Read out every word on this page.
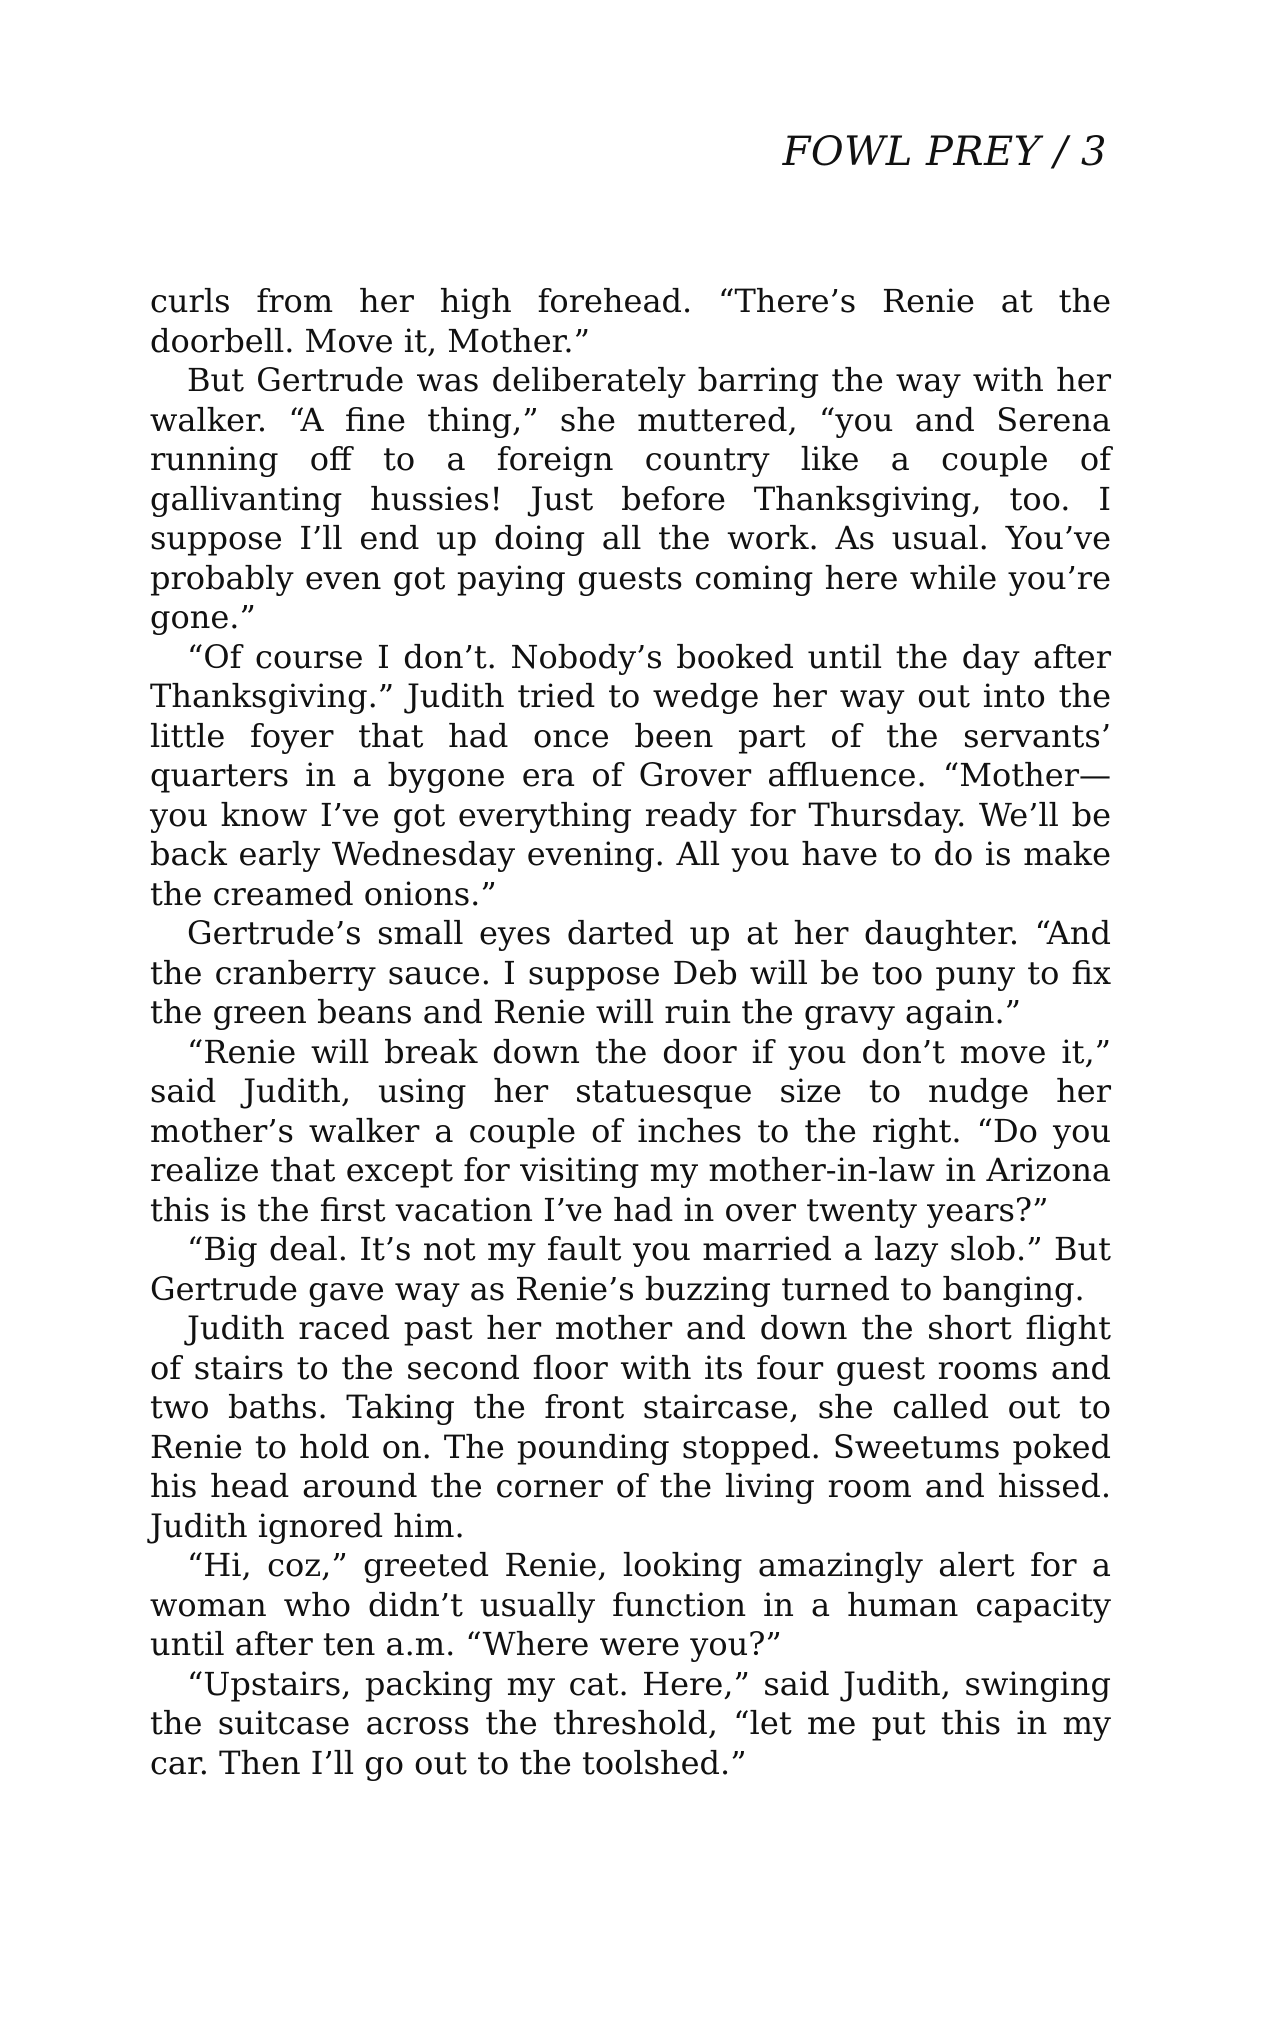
FOWL PREY / 3

curls from her high forehead. “There’s Renie at the doorbell. Move it, Mother.”

But Gertrude was deliberately barring the way with her walker. “A fine thing,” she muttered, “you and Serena running off to a foreign country like a couple of gallivanting hussies! Just before Thanksgiving, too. I suppose I’ll end up doing all the work. As usual. You’ve probably even got paying guests coming here while you’re gone.”

“Of course I don’t. Nobody’s booked until the day after Thanksgiving.” Judith tried to wedge her way out into the little foyer that had once been part of the servants’ quarters in a bygone era of Grover affluence. “Mother—you know I’ve got everything ready for Thursday. We’ll be back early Wednesday evening. All you have to do is make the creamed onions.”

Gertrude’s small eyes darted up at her daughter. “And the cranberry sauce. I suppose Deb will be too puny to fix the green beans and Renie will ruin the gravy again.”

“Renie will break down the door if you don’t move it,” said Judith, using her statuesque size to nudge her mother’s walker a couple of inches to the right. “Do you realize that except for visiting my mother-in-law in Arizona this is the first vacation I’ve had in over twenty years?”

“Big deal. It’s not my fault you married a lazy slob.” But Gertrude gave way as Renie’s buzzing turned to banging.

Judith raced past her mother and down the short flight of stairs to the second floor with its four guest rooms and two baths. Taking the front staircase, she called out to Renie to hold on. The pounding stopped. Sweetums poked his head around the corner of the living room and hissed. Judith ignored him.

“Hi, coz,” greeted Renie, looking amazingly alert for a woman who didn’t usually function in a human capacity until after ten a.m. “Where were you?”

“Upstairs, packing my cat. Here,” said Judith, swinging the suitcase across the threshold, “let me put this in my car. Then I’ll go out to the toolshed.”
